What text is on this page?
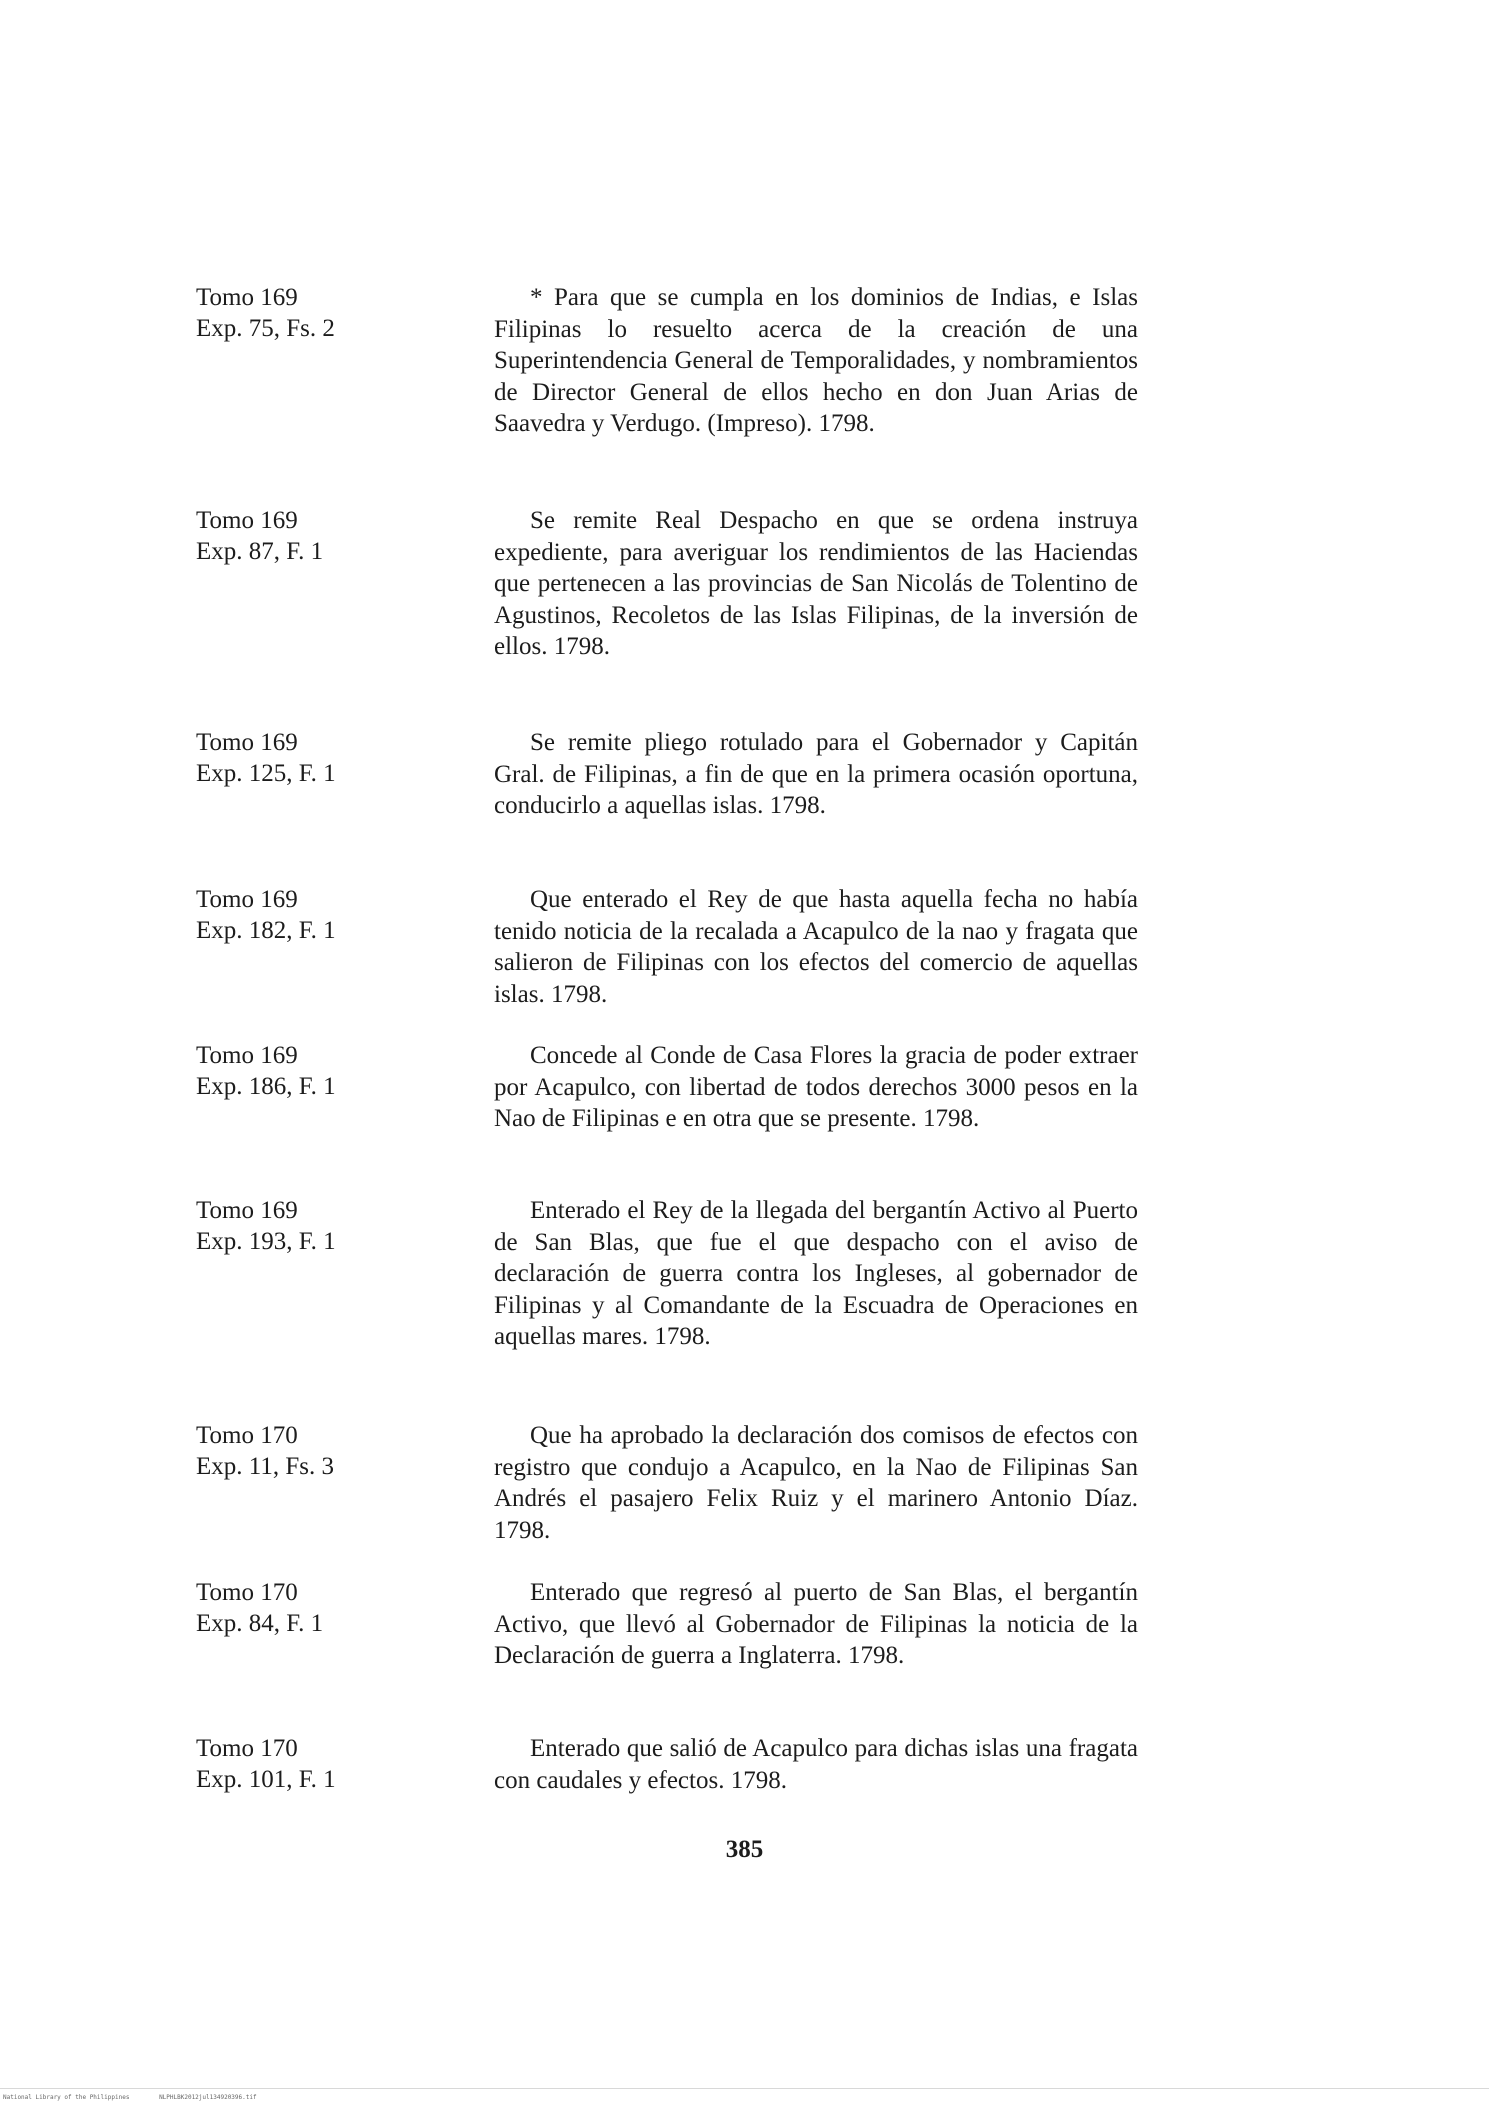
Tomo 169
Exp. 75, Fs. 2

* Para que se cumpla en los dominios de Indias, e Islas Filipinas lo resuelto acerca de la creación de una Superintendencia General de Temporalidades, y nombramientos de Director General de ellos hecho en don Juan Arias de Saavedra y Verdugo. (Impreso). 1798.

Tomo 169
Exp. 87, F. 1

Se remite Real Despacho en que se ordena instruya expediente, para averiguar los rendimientos de las Haciendas que pertenecen a las provincias de San Nicolás de Tolentino de Agustinos, Recoletos de las Islas Filipinas, de la inversión de ellos. 1798.

Tomo 169
Exp. 125, F. 1

Se remite pliego rotulado para el Gobernador y Capitán Gral. de Filipinas, a fin de que en la primera ocasión oportuna, conducirlo a aquellas islas. 1798.

Tomo 169
Exp. 182, F. 1

Que enterado el Rey de que hasta aquella fecha no había tenido noticia de la recalada a Acapulco de la nao y fragata que salieron de Filipinas con los efectos del comercio de aquellas islas. 1798.

Tomo 169
Exp. 186, F. 1

Concede al Conde de Casa Flores la gracia de poder extraer por Acapulco, con libertad de todos derechos 3000 pesos en la Nao de Filipinas e en otra que se presente. 1798.

Tomo 169
Exp. 193, F. 1

Enterado el Rey de la llegada del bergantín Activo al Puerto de San Blas, que fue el que despacho con el aviso de declaración de guerra contra los Ingleses, al gobernador de Filipinas y al Comandante de la Escuadra de Operaciones en aquellas mares. 1798.

Tomo 170
Exp. 11, Fs. 3

Que ha aprobado la declaración dos comisos de efectos con registro que condujo a Acapulco, en la Nao de Filipinas San Andrés el pasajero Felix Ruiz y el marinero Antonio Díaz. 1798.

Tomo 170
Exp. 84, F. 1

Enterado que regresó al puerto de San Blas, el bergantín Activo, que llevó al Gobernador de Filipinas la noticia de la Declaración de guerra a Inglaterra. 1798.

Tomo 170
Exp. 101, F. 1

Enterado que salió de Acapulco para dichas islas una fragata con caudales y efectos. 1798.

385
National Library of the Philippines	NLPHLBK2012jul134920396.tif
